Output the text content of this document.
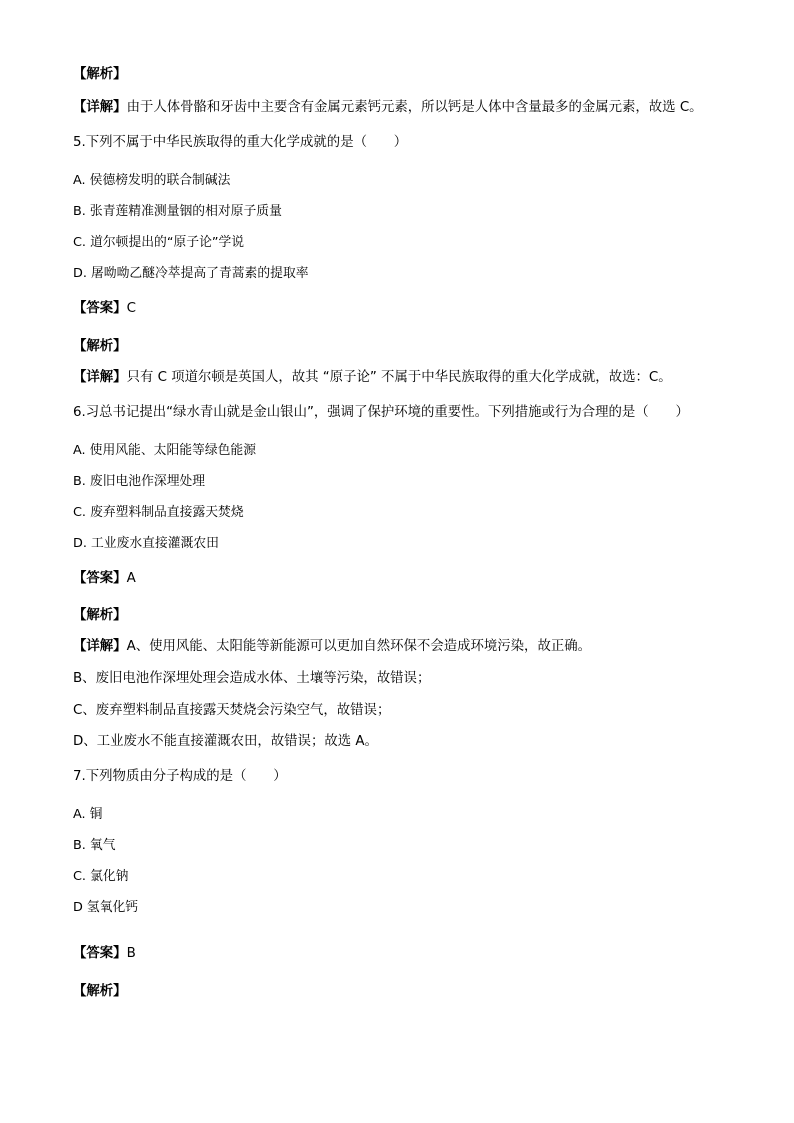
【解析】
【详解】由于人体骨骼和牙齿中主要含有金属元素钙元素，所以钙是人体中含量最多的金属元素，故选 C。
5.下列不属于中华民族取得的重大化学成就的是（　　）
A. 侯德榜发明的联合制碱法
B. 张青莲精准测量铟的相对原子质量
C. 道尔顿提出的“原子论”学说
D. 屠呦呦乙醚冷萃提高了青蒿素的提取率
【答案】C
【解析】
【详解】只有 C 项道尔顿是英国人，故其 “原子论” 不属于中华民族取得的重大化学成就，故选：C。
6.习总书记提出“绿水青山就是金山银山”，强调了保护环境的重要性。下列措施或行为合理的是（　　）
A. 使用风能、太阳能等绿色能源
B. 废旧电池作深埋处理
C. 废弃塑料制品直接露天焚烧
D. 工业废水直接灌溉农田
【答案】A
【解析】
【详解】A、使用风能、太阳能等新能源可以更加自然环保不会造成环境污染，故正确。
B、废旧电池作深埋处理会造成水体、土壤等污染，故错误；
C、废弃塑料制品直接露天焚烧会污染空气，故错误；
D、工业废水不能直接灌溉农田，故错误；故选 A。
7.下列物质由分子构成的是（　　）
A. 铜
B. 氧气
C. 氯化钠
D 氢氧化钙
【答案】B
【解析】
